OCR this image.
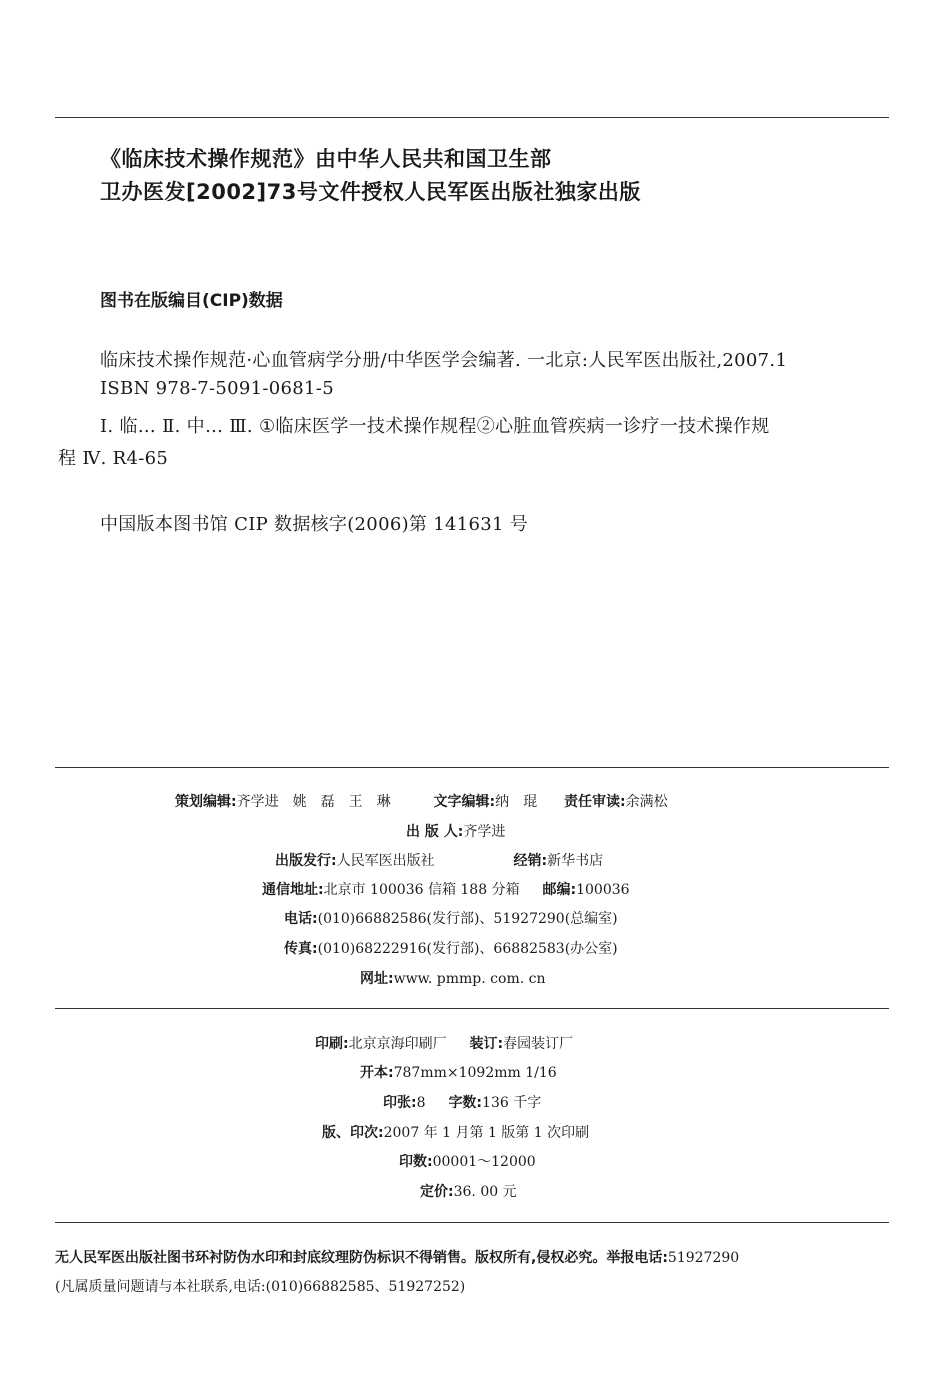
《临床技术操作规范》由中华人民共和国卫生部
卫办医发[2002]73号文件授权人民军医出版社独家出版
图书在版编目(CIP)数据
临床技术操作规范·心血管病学分册/中华医学会编著. 一北京:人民军医出版社,2007.1
ISBN 978-7-5091-0681-5
Ⅰ. 临… Ⅱ. 中… Ⅲ. ①临床医学一技术操作规程②心脏血管疾病一诊疗一技术操作规
程 Ⅳ. R4-65
中国版本图书馆 CIP 数据核字(2006)第 141631 号
策划编辑:齐学进　姚　磊　王　琳	文字编辑:纳　琨 责任审读:余满松
出 版 人:齐学进
出版发行:人民军医出版社	经销:新华书店
通信地址:北京市 100036 信箱 188 分箱 邮编:100036
电话:(010)66882586(发行部)、51927290(总编室)
传真:(010)68222916(发行部)、66882583(办公室)
网址:www. pmmp. com. cn
印刷:北京京海印刷厂 装订:春园装订厂
开本:787mm×1092mm 1/16
印张:8 字数:136 千字
版、印次:2007 年 1 月第 1 版第 1 次印刷
印数:00001～12000
定价:36. 00 元
无人民军医出版社图书环衬防伪水印和封底纹理防伪标识不得销售。版权所有,侵权必究。举报电话:51927290
(凡属质量问题请与本社联系,电话:(010)66882585、51927252)
